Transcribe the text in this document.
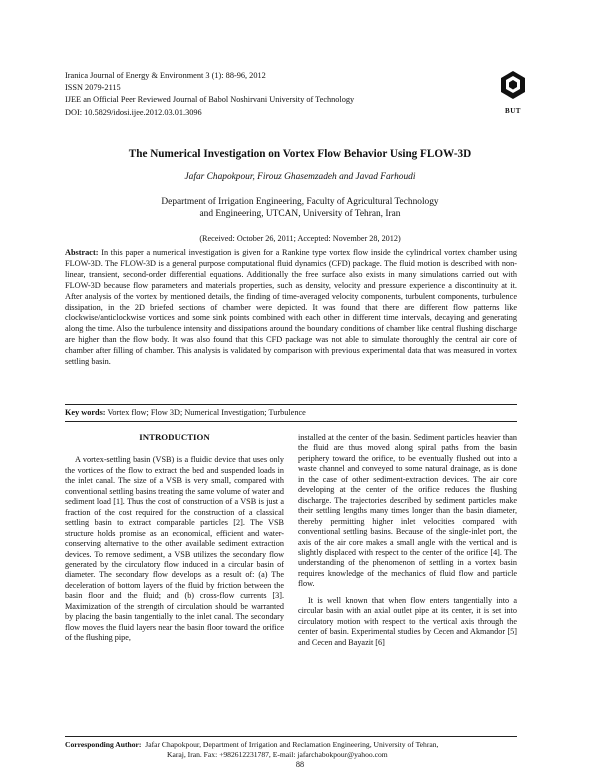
Iranica Journal of Energy & Environment 3 (1): 88-96, 2012
ISSN 2079-2115
IJEE an Official Peer Reviewed Journal of Babol Noshirvani University of Technology
DOI: 10.5829/idosi.ijee.2012.03.01.3096	BUT
The Numerical Investigation on Vortex Flow Behavior Using FLOW-3D
Jafar Chapokpour, Firouz Ghasemzadeh and Javad Farhoudi
Department of Irrigation Engineering, Faculty of Agricultural Technology
and Engineering, UTCAN, University of Tehran, Iran
(Received: October 26, 2011; Accepted: November 28, 2012)
Abstract: In this paper a numerical investigation is given for a Rankine type vortex flow inside the cylindrical vortex chamber using FLOW-3D. The FLOW-3D is a general purpose computational fluid dynamics (CFD) package. The fluid motion is described with non-linear, transient, second-order differential equations. Additionally the free surface also exists in many simulations carried out with FLOW-3D because flow parameters and materials properties, such as density, velocity and pressure experience a discontinuity at it. After analysis of the vortex by mentioned details, the finding of time-averaged velocity components, turbulent components, turbulence dissipation, in the 2D briefed sections of chamber were depicted. It was found that there are different flow patterns like clockwise/anticlockwise vortices and some sink points combined with each other in different time intervals, decaying and generating along the time. Also the turbulence intensity and dissipations around the boundary conditions of chamber like central flushing discharge are higher than the flow body. It was also found that this CFD package was not able to simulate thoroughly the central air core of chamber after filling of chamber. This analysis is validated by comparison with previous experimental data that was measured in vortex settling basin.
Key words: Vortex flow; Flow 3D; Numerical Investigation; Turbulence
INTRODUCTION

A vortex-settling basin (VSB) is a fluidic device that uses only the vortices of the flow to extract the bed and suspended loads in the inlet canal. The size of a VSB is very small, compared with conventional settling basins treating the same volume of water and sediment load [1]. Thus the cost of construction of a VSB is just a fraction of the cost required for the construction of a classical settling basin to extract comparable particles [2]. The VSB structure holds promise as an economical, efficient and water-conserving alternative to the other available sediment extraction devices. To remove sediment, a VSB utilizes the secondary flow generated by the circulatory flow induced in a circular basin of diameter. The secondary flow develops as a result of: (a) The deceleration of bottom layers of the fluid by friction between the basin floor and the fluid; and (b) cross-flow currents [3]. Maximization of the strength of circulation should be warranted by placing the basin tangentially to the inlet canal. The secondary flow moves the fluid layers near the basin floor toward the orifice of the flushing pipe,

installed at the center of the basin. Sediment particles heavier than the fluid are thus moved along spiral paths from the basin periphery toward the orifice, to be eventually flushed out into a waste channel and conveyed to some natural drainage, as is done in the case of other sediment-extraction devices. The air core developing at the center of the orifice reduces the flushing discharge. The trajectories described by sediment particles make their settling lengths many times longer than the basin diameter, thereby permitting higher inlet velocities compared with conventional settling basins. Because of the single-inlet port, the axis of the air core makes a small angle with the vertical and is slightly displaced with respect to the center of the orifice [4]. The understanding of the phenomenon of settling in a vortex basin requires knowledge of the mechanics of fluid flow and particle flow.

It is well known that when flow enters tangentially into a circular basin with an axial outlet pipe at its center, it is set into circulatory motion with respect to the vertical axis through the center of basin. Experimental studies by Cecen and Akmandor [5] and Cecen and Bayazit [6]

Corresponding Author: Jafar Chapokpour, Department of Irrigation and Reclamation Engineering, University of Tehran,
Karaj, Iran. Fax: +982612231787, E-mail: jafarchabokpour@yahoo.com
88
